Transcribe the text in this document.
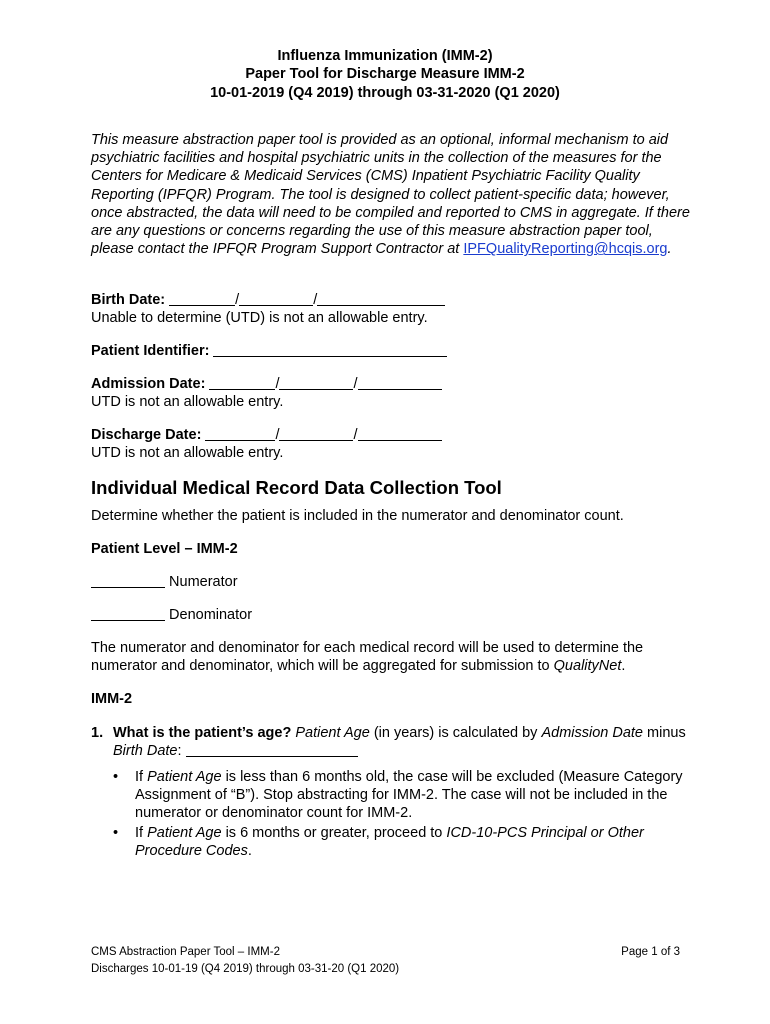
Influenza Immunization (IMM-2)
Paper Tool for Discharge Measure IMM-2
10-01-2019 (Q4 2019) through 03-31-2020 (Q1 2020)
This measure abstraction paper tool is provided as an optional, informal mechanism to aid psychiatric facilities and hospital psychiatric units in the collection of the measures for the Centers for Medicare & Medicaid Services (CMS) Inpatient Psychiatric Facility Quality Reporting (IPFQR) Program. The tool is designed to collect patient-specific data; however, once abstracted, the data will need to be compiled and reported to CMS in aggregate. If there are any questions or concerns regarding the use of this measure abstraction paper tool, please contact the IPFQR Program Support Contractor at IPFQualityReporting@hcqis.org.
Birth Date:	/	/
Unable to determine (UTD) is not an allowable entry.
Patient Identifier:
Admission Date:	/	/
UTD is not an allowable entry.
Discharge Date:	/	/
UTD is not an allowable entry.
Individual Medical Record Data Collection Tool
Determine whether the patient is included in the numerator and denominator count.
Patient Level – IMM-2
Numerator
Denominator
The numerator and denominator for each medical record will be used to determine the numerator and denominator, which will be aggregated for submission to QualityNet.
IMM-2
1. What is the patient’s age? Patient Age (in years) is calculated by Admission Date minus Birth Date:
• If Patient Age is less than 6 months old, the case will be excluded (Measure Category Assignment of “B”). Stop abstracting for IMM-2. The case will not be included in the numerator or denominator count for IMM-2.
• If Patient Age is 6 months or greater, proceed to ICD-10-PCS Principal or Other Procedure Codes.
CMS Abstraction Paper Tool – IMM-2
Discharges 10-01-19 (Q4 2019) through 03-31-20 (Q1 2020)
Page 1 of 3
